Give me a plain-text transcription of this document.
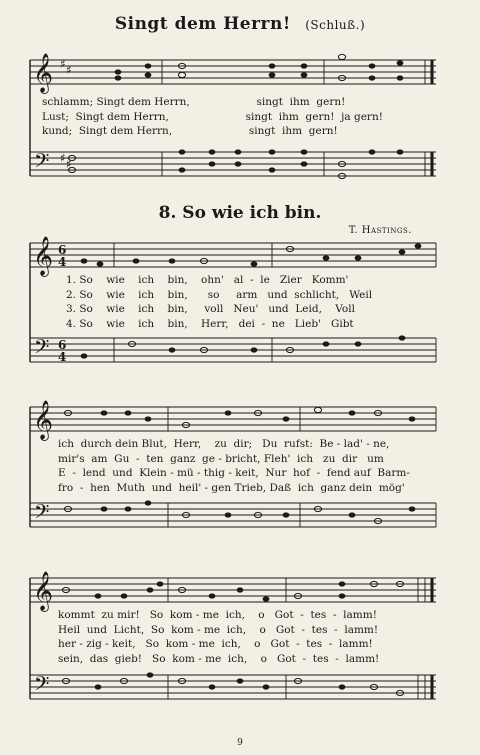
Singt dem Herrn! (Schluß.)
𝄞
𝄢
♯ ♯
♯ ♯
𝄞
𝄢
6
4
6
4
𝄞
𝄢
𝄞
𝄢
schlamm; Singt dem Herrn,                    singt  ihm  gern!
Lust;  Singt dem Herrn,                       singt  ihm  gern!  ja gern!
kund;  Singt dem Herrn,                       singt  ihm  gern!
8. So wie ich bin.
T. Hastings.
1. So    wie    ich    bin,    ohn'   al  -  le   Zier   Komm'
2. So    wie    ich    bin,      so     arm   und  schlicht,   Weil
3. So    wie    ich    bin,     voll   Neu'   und  Leid,    Voll
4. So    wie    ich    bin,    Herr,   dei  -  ne   Lieb'   Gibt
ich  durch dein Blut,  Herr,    zu  dir;   Du  rufst:  Be - lad' - ne,
mir's  am  Gu  -  ten  ganz  ge - bricht, Fleh'  ich   zu  dir   um
E  -  lend  und  Klein - mü - thig - keit,  Nur  hof  -  fend auf  Barm-
fro  -  hen  Muth  und  heil' - gen Trieb, Daß  ich  ganz dein  mög'
kommt  zu mir!   So  kom - me  ich,    o   Got  -  tes  -  lamm!
Heil  und  Licht,  So  kom - me  ich,    o   Got  -  tes  -  lamm!
her - zig - keit,   So  kom - me  ich,    o   Got  -  tes  -  lamm!
sein,  das  gieb!   So  kom - me  ich,    o   Got  -  tes  -  lamm!
9
